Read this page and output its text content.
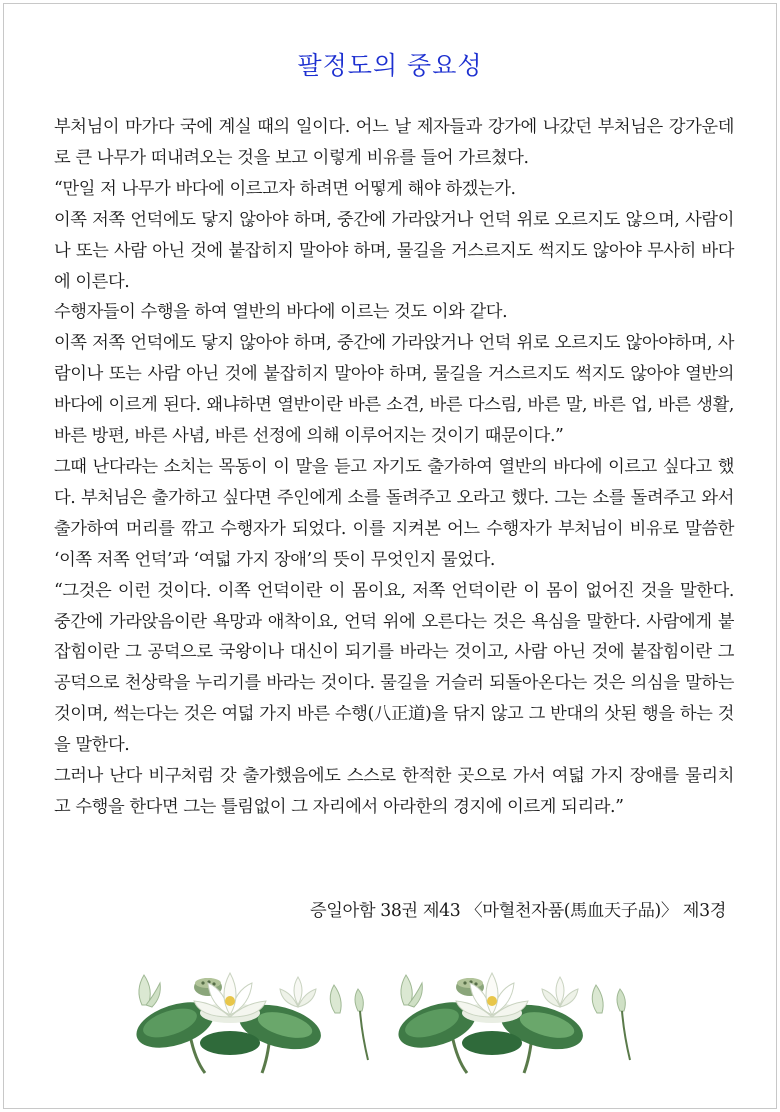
팔정도의 중요성

부처님이 마가다 국에 계실 때의 일이다. 어느 날 제자들과 강가에 나갔던 부처님은 강가운데로 큰 나무가 떠내려오는 것을 보고 이렇게 비유를 들어 가르쳤다.

“만일 저 나무가 바다에 이르고자 하려면 어떻게 해야 하겠는가.

이쪽 저쪽 언덕에도 닿지 않아야 하며, 중간에 가라앉거나 언덕 위로 오르지도 않으며, 사람이나 또는 사람 아닌 것에 붙잡히지 말아야 하며, 물길을 거스르지도 썩지도 않아야 무사히 바다에 이른다.

수행자들이 수행을 하여 열반의 바다에 이르는 것도 이와 같다.

이쪽 저쪽 언덕에도 닿지 않아야 하며, 중간에 가라앉거나 언덕 위로 오르지도 않아야하며, 사람이나 또는 사람 아닌 것에 붙잡히지 말아야 하며, 물길을 거스르지도 썩지도 않아야 열반의 바다에 이르게 된다. 왜냐하면 열반이란 바른 소견, 바른 다스림, 바른 말, 바른 업, 바른 생활, 바른 방편, 바른 사념, 바른 선정에 의해 이루어지는 것이기 때문이다.”

그때 난다라는 소치는 목동이 이 말을 듣고 자기도 출가하여 열반의 바다에 이르고 싶다고 했다. 부처님은 출가하고 싶다면 주인에게 소를 돌려주고 오라고 했다. 그는 소를 돌려주고 와서 출가하여 머리를 깎고 수행자가 되었다. 이를 지켜본 어느 수행자가 부처님이 비유로 말씀한 ‘이쪽 저쪽 언덕’과 ‘여덟 가지 장애’의 뜻이 무엇인지 물었다.

“그것은 이런 것이다. 이쪽 언덕이란 이 몸이요, 저쪽 언덕이란 이 몸이 없어진 것을 말한다. 중간에 가라앉음이란 욕망과 애착이요, 언덕 위에 오른다는 것은 욕심을 말한다. 사람에게 붙잡힘이란 그 공덕으로 국왕이나 대신이 되기를 바라는 것이고, 사람 아닌 것에 붙잡힘이란 그 공덕으로 천상락을 누리기를 바라는 것이다. 물길을 거슬러 되돌아온다는 것은 의심을 말하는 것이며, 썩는다는 것은 여덟 가지 바른 수행(八正道)을 닦지 않고 그 반대의 삿된 행을 하는 것을 말한다.

그러나 난다 비구처럼 갓 출가했음에도 스스로 한적한 곳으로 가서 여덟 가지 장애를 물리치고 수행을 한다면 그는 틀림없이 그 자리에서 아라한의 경지에 이르게 되리라.”

증일아함 38권 제43 〈마혈천자품(馬血天子品)〉 제3경
